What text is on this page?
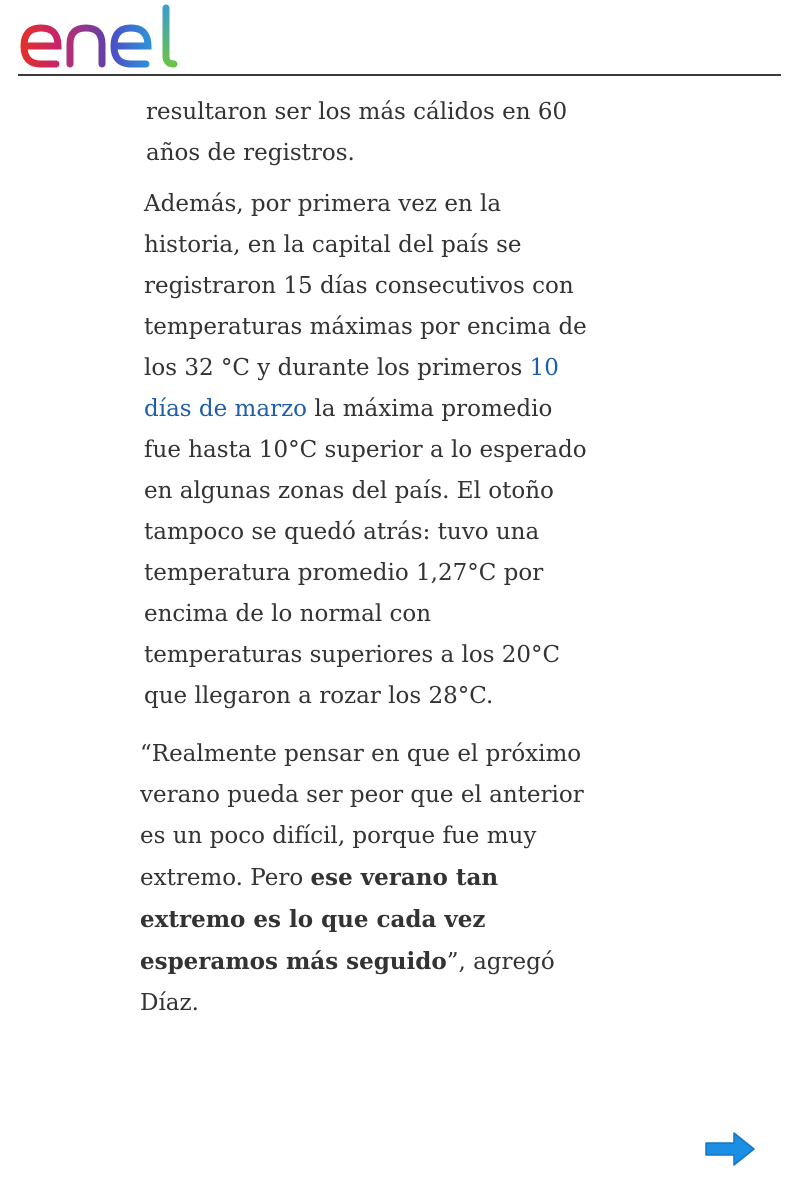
resultaron ser los más cálidos en 60 años de registros.

Además, por primera vez en la historia, en la capital del país se registraron 15 días consecutivos con temperaturas máximas por encima de los 32 °C y durante los primeros 10 días de marzo la máxima promedio fue hasta 10°C superior a lo esperado en algunas zonas del país. El otoño tampoco se quedó atrás: tuvo una temperatura promedio 1,27°C por encima de lo normal con temperaturas superiores a los 20°C que llegaron a rozar los 28°C.

“Realmente pensar en que el próximo verano pueda ser peor que el anterior es un poco difícil, porque fue muy extremo. Pero ese verano tan extremo es lo que cada vez esperamos más seguido”, agregó Díaz.
